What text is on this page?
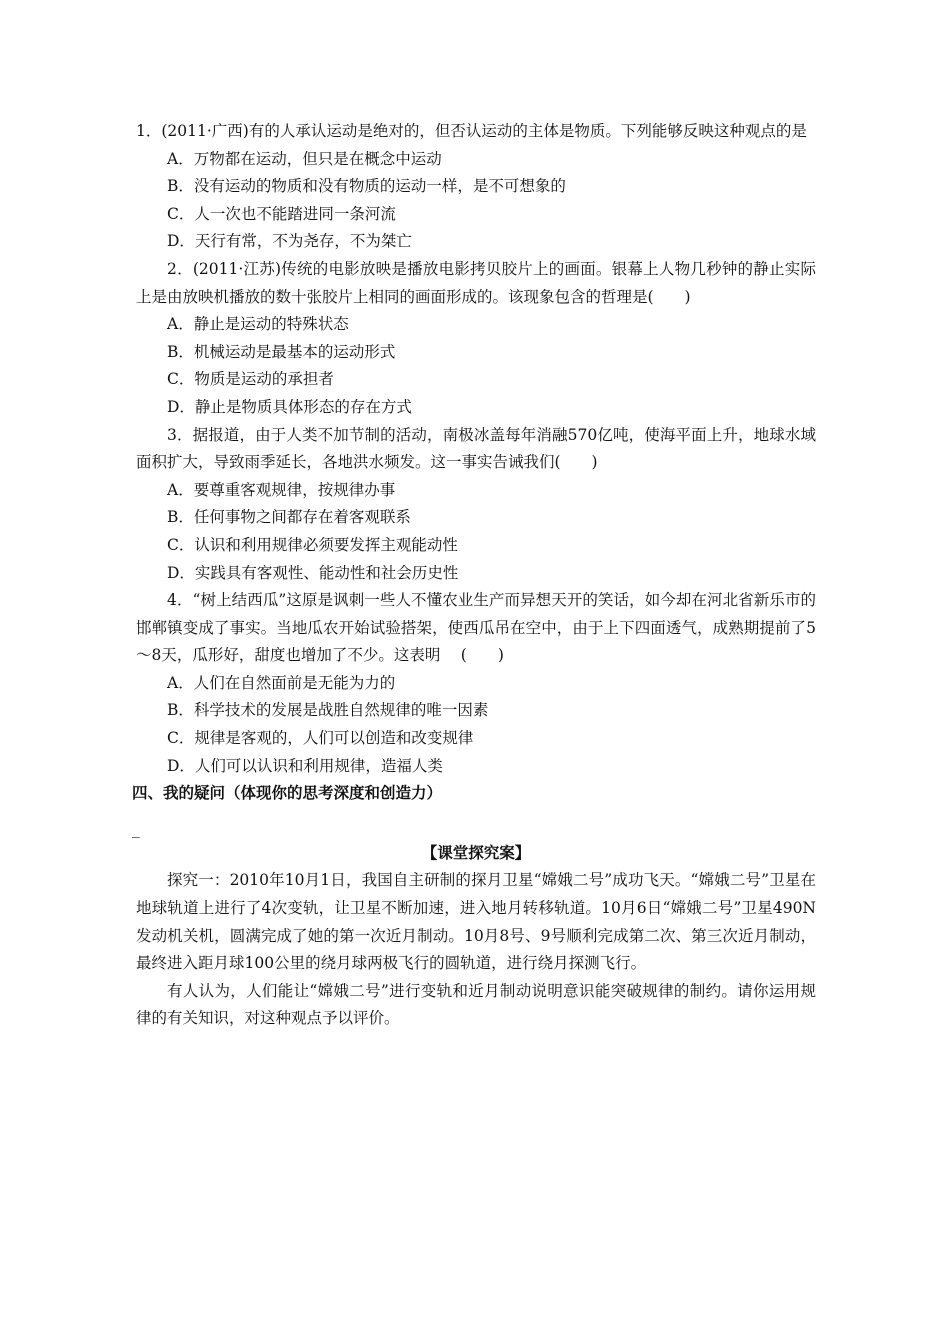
1．(2011·广西)有的人承认运动是绝对的，但否认运动的主体是物质。下列能够反映这种观点的是

A．万物都在运动，但只是在概念中运动

B．没有运动的物质和没有物质的运动一样，是不可想象的

C．人一次也不能踏进同一条河流

D．天行有常，不为尧存，不为桀亡

2．(2011·江苏)传统的电影放映是播放电影拷贝胶片上的画面。银幕上人物几秒钟的静止实际上是由放映机播放的数十张胶片上相同的画面形成的。该现象包含的哲理是(　　)

A．静止是运动的特殊状态

B．机械运动是最基本的运动形式

C．物质是运动的承担者

D．静止是物质具体形态的存在方式

3．据报道，由于人类不加节制的活动，南极冰盖每年消融570亿吨，使海平面上升，地球水域面积扩大，导致雨季延长，各地洪水频发。这一事实告诫我们(　　)

A．要尊重客观规律，按规律办事

B．任何事物之间都存在着客观联系

C．认识和利用规律必须要发挥主观能动性

D．实践具有客观性、能动性和社会历史性

4．“树上结西瓜”这原是讽刺一些人不懂农业生产而异想天开的笑话，如今却在河北省新乐市的邯郸镇变成了事实。当地瓜农开始试验搭架，使西瓜吊在空中，由于上下四面透气，成熟期提前了5～8天，瓜形好，甜度也增加了不少。这表明　 (　　)

A．人们在自然面前是无能为力的

B．科学技术的发展是战胜自然规律的唯一因素

C．规律是客观的，人们可以创造和改变规律

D．人们可以认识和利用规律，造福人类

四、我的疑问（体现你的思考深度和创造力）

_

【课堂探究案】

探究一：2010年10月1日，我国自主研制的探月卫星“嫦娥二号”成功飞天。“嫦娥二号”卫星在地球轨道上进行了4次变轨，让卫星不断加速，进入地月转移轨道。10月6日“嫦娥二号”卫星490N发动机关机，圆满完成了她的第一次近月制动。10月8号、9号顺利完成第二次、第三次近月制动，最终进入距月球100公里的绕月球两极飞行的圆轨道，进行绕月探测飞行。

有人认为，人们能让“嫦娥二号”进行变轨和近月制动说明意识能突破规律的制约。请你运用规律的有关知识，对这种观点予以评价。
